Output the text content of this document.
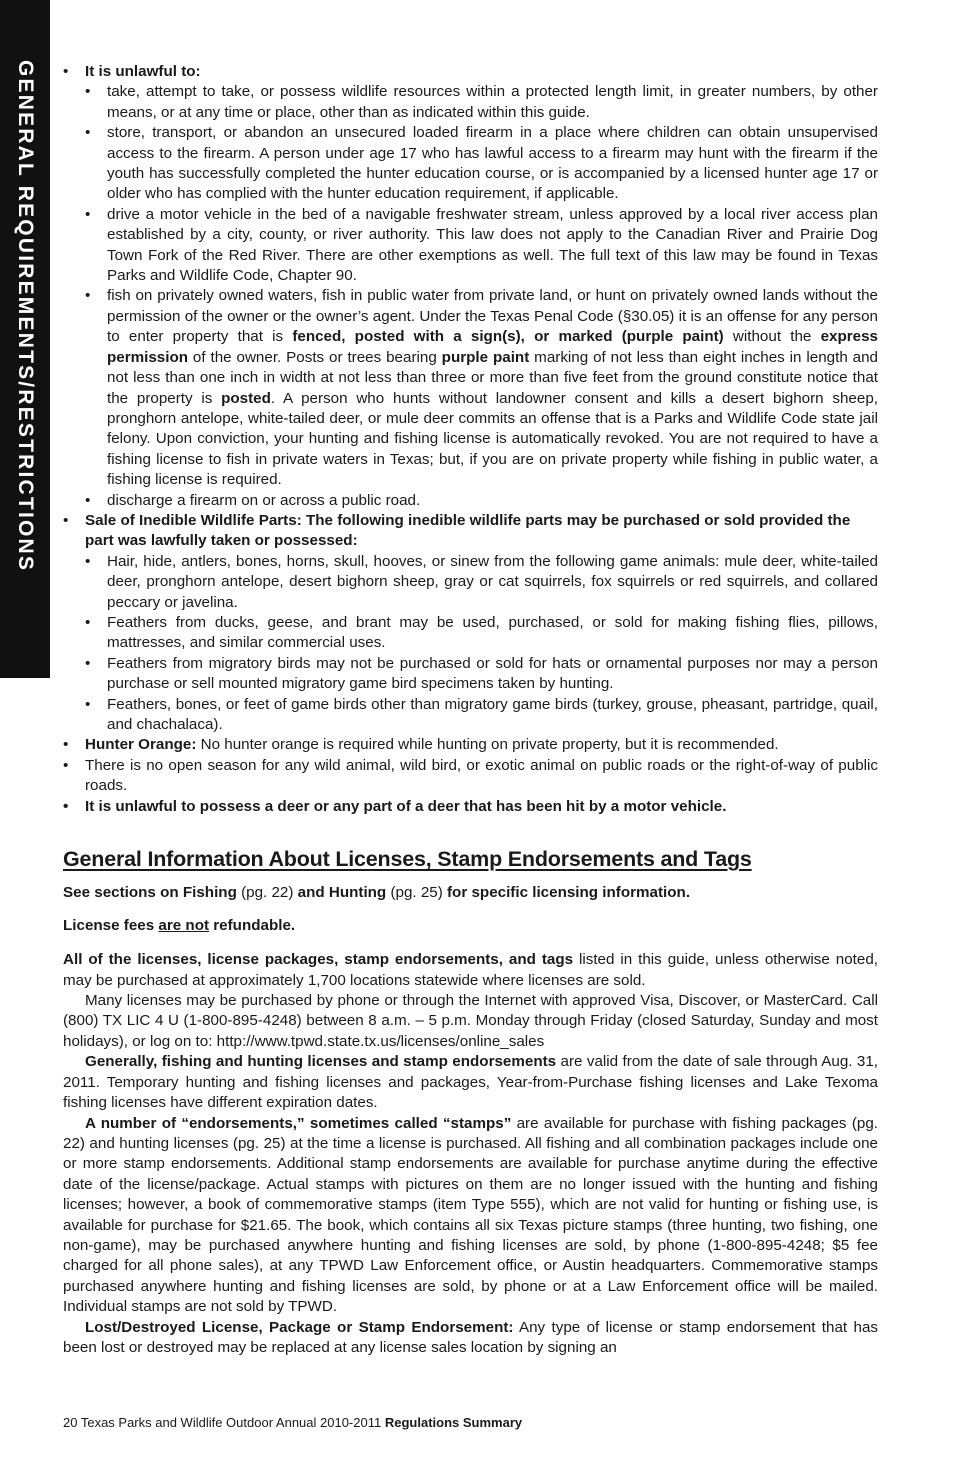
GENERAL REQUIREMENTS/RESTRICTIONS
•	It is unlawful to:
• take, attempt to take, or possess wildlife resources within a protected length limit, in greater numbers, by other means, or at any time or place, other than as indicated within this guide.
• store, transport, or abandon an unsecured loaded firearm in a place where children can obtain unsupervised access to the firearm. A person under age 17 who has lawful access to a firearm may hunt with the firearm if the youth has successfully completed the hunter education course, or is accompanied by a licensed hunter age 17 or older who has complied with the hunter education requirement, if applicable.
• drive a motor vehicle in the bed of a navigable freshwater stream, unless approved by a local river access plan established by a city, county, or river authority. This law does not apply to the Canadian River and Prairie Dog Town Fork of the Red River. There are other exemptions as well. The full text of this law may be found in Texas Parks and Wildlife Code, Chapter 90.
• fish on privately owned waters, fish in public water from private land, or hunt on privately owned lands without the permission of the owner or the owner’s agent. Under the Texas Penal Code (§30.05) it is an offense for any person to enter property that is fenced, posted with a sign(s), or marked (purple paint) without the express permission of the owner. Posts or trees bearing purple paint marking of not less than eight inches in length and not less than one inch in width at not less than three or more than five feet from the ground constitute notice that the property is posted. A person who hunts without landowner consent and kills a desert bighorn sheep, pronghorn antelope, white-tailed deer, or mule deer commits an offense that is a Parks and Wildlife Code state jail felony. Upon conviction, your hunting and fishing license is automatically revoked. You are not required to have a fishing license to fish in private waters in Texas; but, if you are on private property while fishing in public water, a fishing license is required.
• discharge a firearm on or across a public road.
• Sale of Inedible Wildlife Parts: The following inedible wildlife parts may be purchased or sold provided the part was lawfully taken or possessed:
• Hair, hide, antlers, bones, horns, skull, hooves, or sinew from the following game animals: mule deer, white-tailed deer, pronghorn antelope, desert bighorn sheep, gray or cat squirrels, fox squirrels or red squirrels, and collared peccary or javelina.
• Feathers from ducks, geese, and brant may be used, purchased, or sold for making fishing flies, pillows, mattresses, and similar commercial uses.
• Feathers from migratory birds may not be purchased or sold for hats or ornamental purposes nor may a person purchase or sell mounted migratory game bird specimens taken by hunting.
• Feathers, bones, or feet of game birds other than migratory game birds (turkey, grouse, pheasant, partridge, quail, and chachalaca).
• Hunter Orange: No hunter orange is required while hunting on private property, but it is recommended.
• There is no open season for any wild animal, wild bird, or exotic animal on public roads or the right-of-way of public roads.
• It is unlawful to possess a deer or any part of a deer that has been hit by a motor vehicle.
General Information About Licenses, Stamp Endorsements and Tags

See sections on Fishing (pg. 22) and Hunting (pg. 25) for specific licensing information.

License fees are not refundable.

All of the licenses, license packages, stamp endorsements, and tags listed in this guide, unless otherwise noted, may be purchased at approximately 1,700 locations statewide where licenses are sold.

Many licenses may be purchased by phone or through the Internet with approved Visa, Discover, or MasterCard. Call (800) TX LIC 4 U (1-800-895-4248) between 8 a.m. – 5 p.m. Monday through Friday (closed Saturday, Sunday and most holidays), or log on to: http://www.tpwd.state.tx.us/licenses/online_sales

Generally, fishing and hunting licenses and stamp endorsements are valid from the date of sale through Aug. 31, 2011. Temporary hunting and fishing licenses and packages, Year-from-Purchase fishing licenses and Lake Texoma fishing licenses have different expiration dates.

A number of “endorsements,” sometimes called “stamps” are available for purchase with fishing packages (pg. 22) and hunting licenses (pg. 25) at the time a license is purchased. All fishing and all combination packages include one or more stamp endorsements. Additional stamp endorsements are available for purchase anytime during the effective date of the license/package. Actual stamps with pictures on them are no longer issued with the hunting and fishing licenses; however, a book of commemorative stamps (item Type 555), which are not valid for hunting or fishing use, is available for purchase for $21.65. The book, which contains all six Texas picture stamps (three hunting, two fishing, one non-game), may be purchased anywhere hunting and fishing licenses are sold, by phone (1-800-895-4248; $5 fee charged for all phone sales), at any TPWD Law Enforcement office, or Austin headquarters. Commemorative stamps purchased anywhere hunting and fishing licenses are sold, by phone or at a Law Enforcement office will be mailed. Individual stamps are not sold by TPWD.

Lost/Destroyed License, Package or Stamp Endorsement: Any type of license or stamp endorsement that has been lost or destroyed may be replaced at any license sales location by signing an

20 Texas Parks and Wildlife Outdoor Annual 2010-2011 Regulations Summary
